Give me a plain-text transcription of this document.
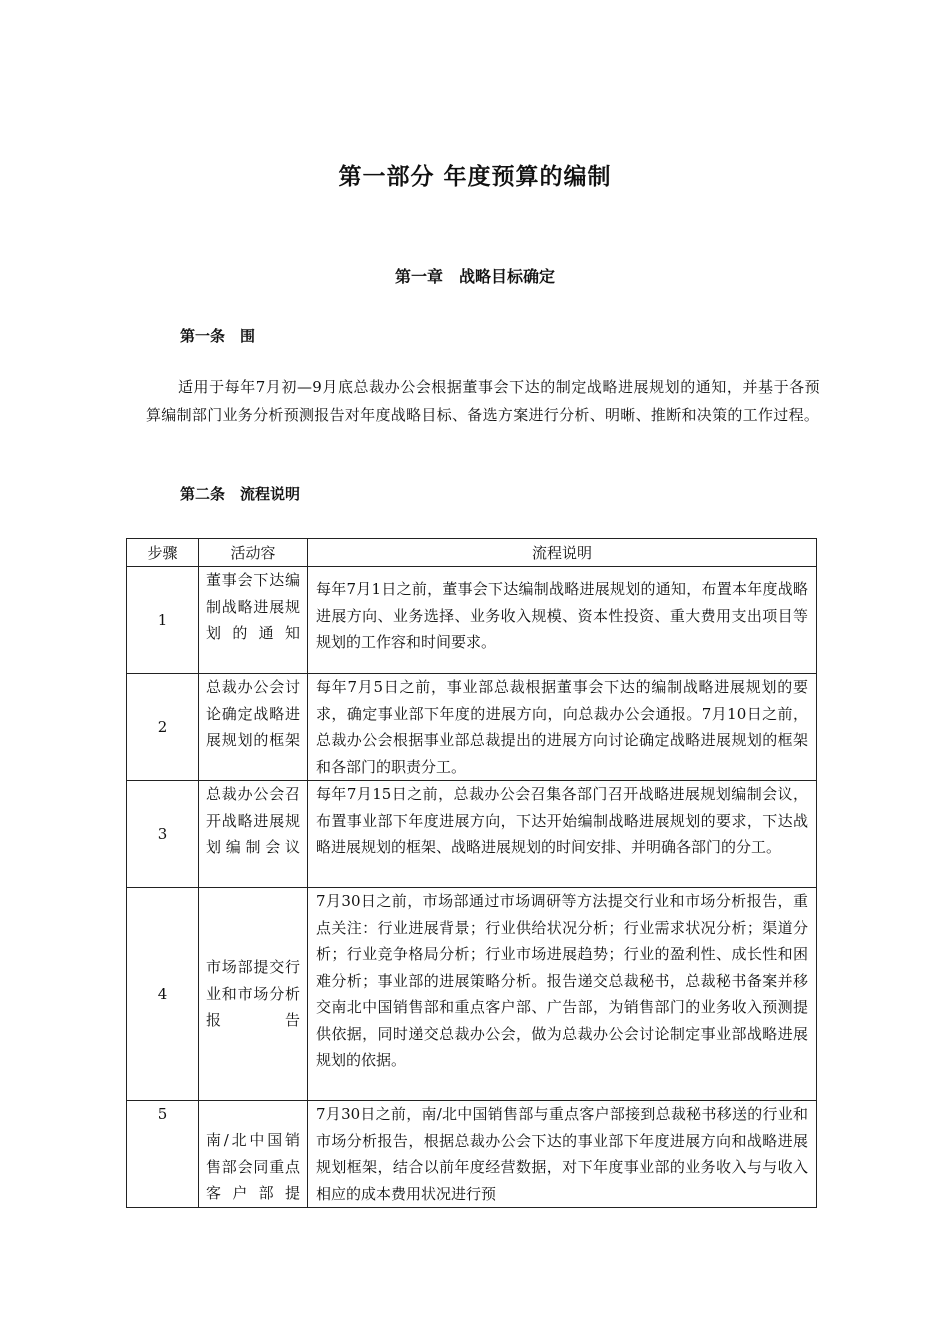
第一部分 年度预算的编制
第一章　战略目标确定
第一条　围
适用于每年7月初—9月底总裁办公会根据董事会下达的制定战略进展规划的通知，并基于各预算编制部门业务分析预测报告对年度战略目标、备选方案进行分析、明晰、推断和决策的工作过程。
第二条　流程说明
步骤	活动容	流程说明
1	董事会下达编制战略进展规划的通知	每年7月1日之前，董事会下达编制战略进展规划的通知，布置本年度战略进展方向、业务选择、业务收入规模、资本性投资、重大费用支出项目等规划的工作容和时间要求。
2	总裁办公会讨论确定战略进展规划的框架	每年7月5日之前，事业部总裁根据董事会下达的编制战略进展规划的要求，确定事业部下年度的进展方向，向总裁办公会通报。7月10日之前，总裁办公会根据事业部总裁提出的进展方向讨论确定战略进展规划的框架和各部门的职责分工。
3	总裁办公会召开战略进展规划编制会议	每年7月15日之前，总裁办公会召集各部门召开战略进展规划编制会议，布置事业部下年度进展方向，下达开始编制战略进展规划的要求，下达战略进展规划的框架、战略进展规划的时间安排、并明确各部门的分工。
4	市场部提交行业和市场分析报告	7月30日之前，市场部通过市场调研等方法提交行业和市场分析报告，重点关注：行业进展背景；行业供给状况分析；行业需求状况分析；渠道分析；行业竞争格局分析；行业市场进展趋势；行业的盈利性、成长性和困难分析；事业部的进展策略分析。报告递交总裁秘书，总裁秘书备案并移交南北中国销售部和重点客户部、广告部，为销售部门的业务收入预测提供依据，同时递交总裁办公会，做为总裁办公会讨论制定事业部战略进展规划的依据。
5	南/北中国销售部会同重点客户部提	7月30日之前，南/北中国销售部与重点客户部接到总裁秘书移送的行业和市场分析报告，根据总裁办公会下达的事业部下年度进展方向和战略进展规划框架，结合以前年度经营数据，对下年度事业部的业务收入与与收入相应的成本费用状况进行预
